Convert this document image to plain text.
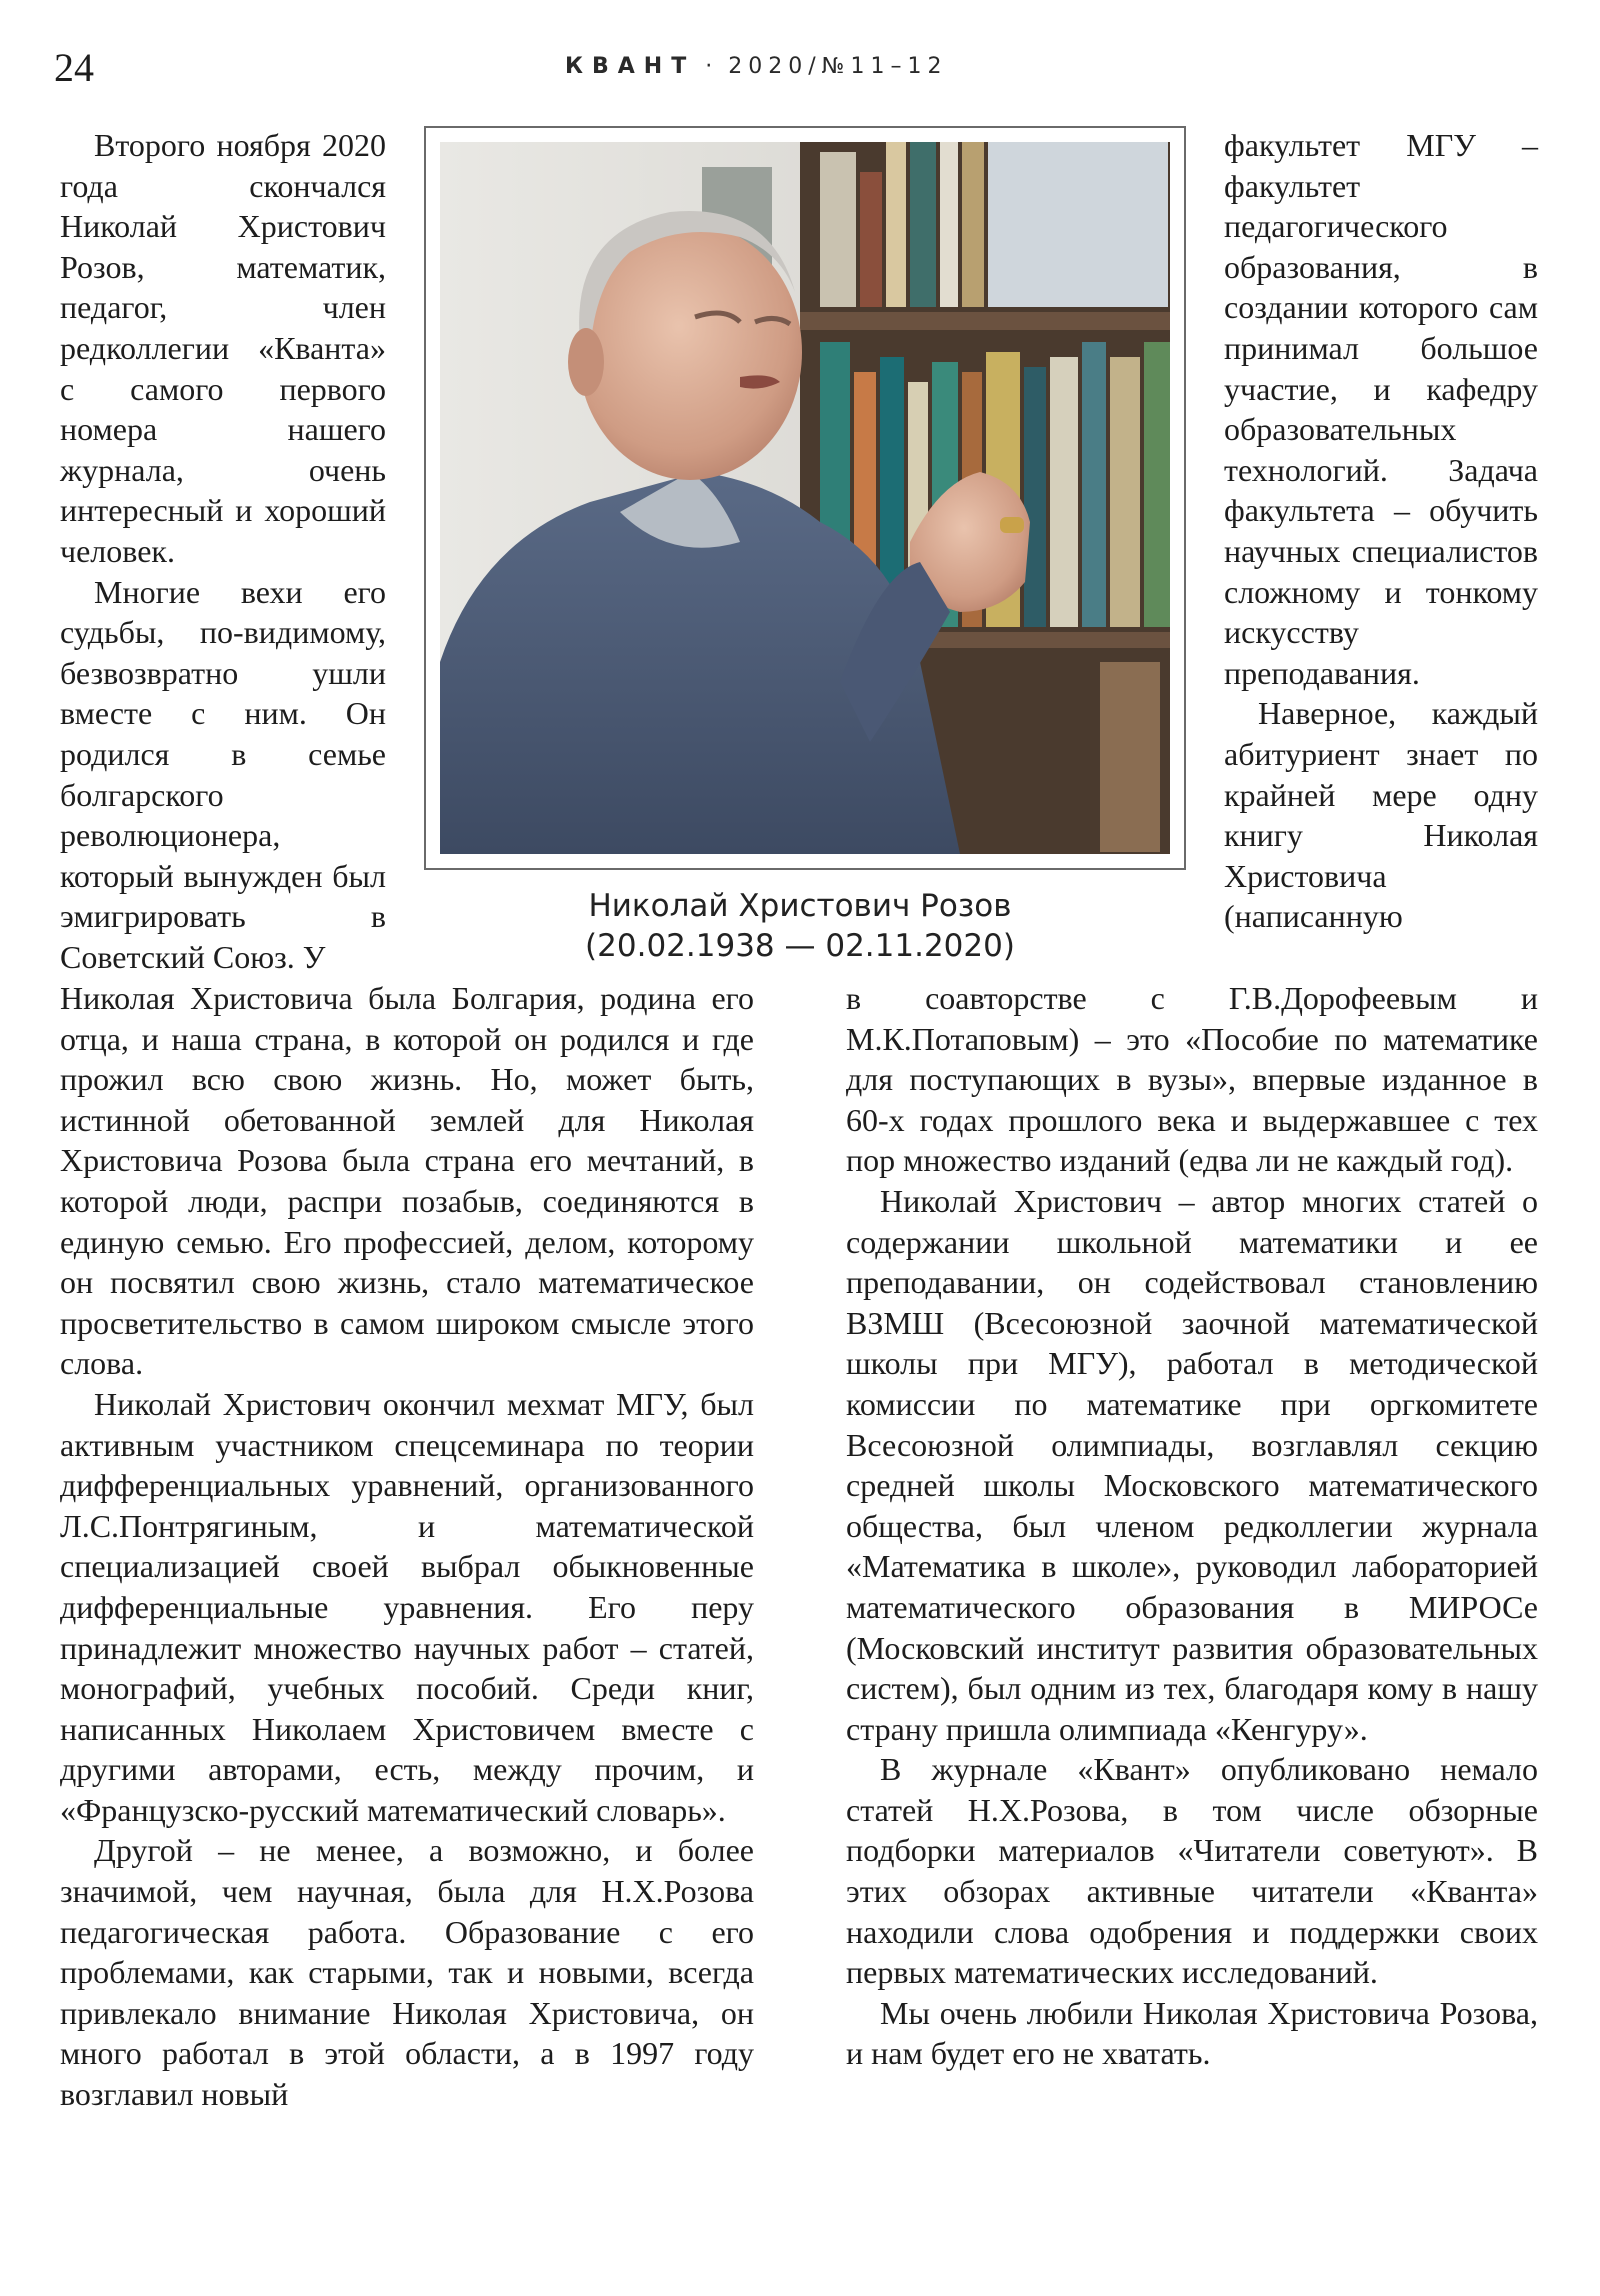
24	КВАНТ · 2020/№11–12
Николай Христович Розов
(20.02.1938 — 02.11.2020)

Второго ноября 2020 года скончался Николай Христович Розов, математик, педагог, член редколлегии «Кванта» с самого первого номера нашего журнала, очень интересный и хороший человек.

Многие вехи его судьбы, по-видимому, безвозвратно ушли вместе с ним. Он родился в семье болгарского революционера, который вынужден был эмигрировать в Советский Союз. У

факультет МГУ – факультет педагогического образования, в создании которого сам принимал большое участие, и кафедру образовательных технологий. Задача факультета – обучить научных специалистов сложному и тонкому искусству преподавания.

Наверное, каждый абитуриент знает по крайней мере одну книгу Николая Христовича (написанную

Николая Христовича была Болгария, родина его отца, и наша страна, в которой он родился и где прожил всю свою жизнь. Но, может быть, истинной обетованной землей для Николая Христовича Розова была страна его мечтаний, в которой люди, распри позабыв, соединяются в единую семью. Его профессией, делом, которому он посвятил свою жизнь, стало математическое просветительство в самом широком смысле этого слова.

Николай Христович окончил мехмат МГУ, был активным участником спецсеминара по теории дифференциальных уравнений, организованного Л.С.Понтрягиным, и математической специализацией своей выбрал обыкновенные дифференциальные уравнения. Его перу принадлежит множество научных работ – статей, монографий, учебных пособий. Среди книг, написанных Николаем Христовичем вместе с другими авторами, есть, между прочим, и «Французско-русский математический словарь».

Другой – не менее, а возможно, и более значимой, чем научная, была для Н.Х.Розова педагогическая работа. Образование с его проблемами, как старыми, так и новыми, всегда привлекало внимание Николая Христовича, он много работал в этой области, а в 1997 году возглавил новый

в соавторстве с Г.В.Дорофеевым и М.К.Потаповым) – это «Пособие по математике для поступающих в вузы», впервые изданное в 60-х годах прошлого века и выдержавшее с тех пор множество изданий (едва ли не каждый год).

Николай Христович – автор многих статей о содержании школьной математики и ее преподавании, он содействовал становлению ВЗМШ (Всесоюзной заочной математической школы при МГУ), работал в методической комиссии по математике при оргкомитете Всесоюзной олимпиады, возглавлял секцию средней школы Московского математического общества, был членом редколлегии журнала «Математика в школе», руководил лабораторией математического образования в МИРОСе (Московский институт развития образовательных систем), был одним из тех, благодаря кому в нашу страну пришла олимпиада «Кенгуру».

В журнале «Квант» опубликовано немало статей Н.Х.Розова, в том числе обзорные подборки материалов «Читатели советуют». В этих обзорах активные читатели «Кванта» находили слова одобрения и поддержки своих первых математических исследований.

Мы очень любили Николая Христовича Розова, и нам будет его не хватать.
